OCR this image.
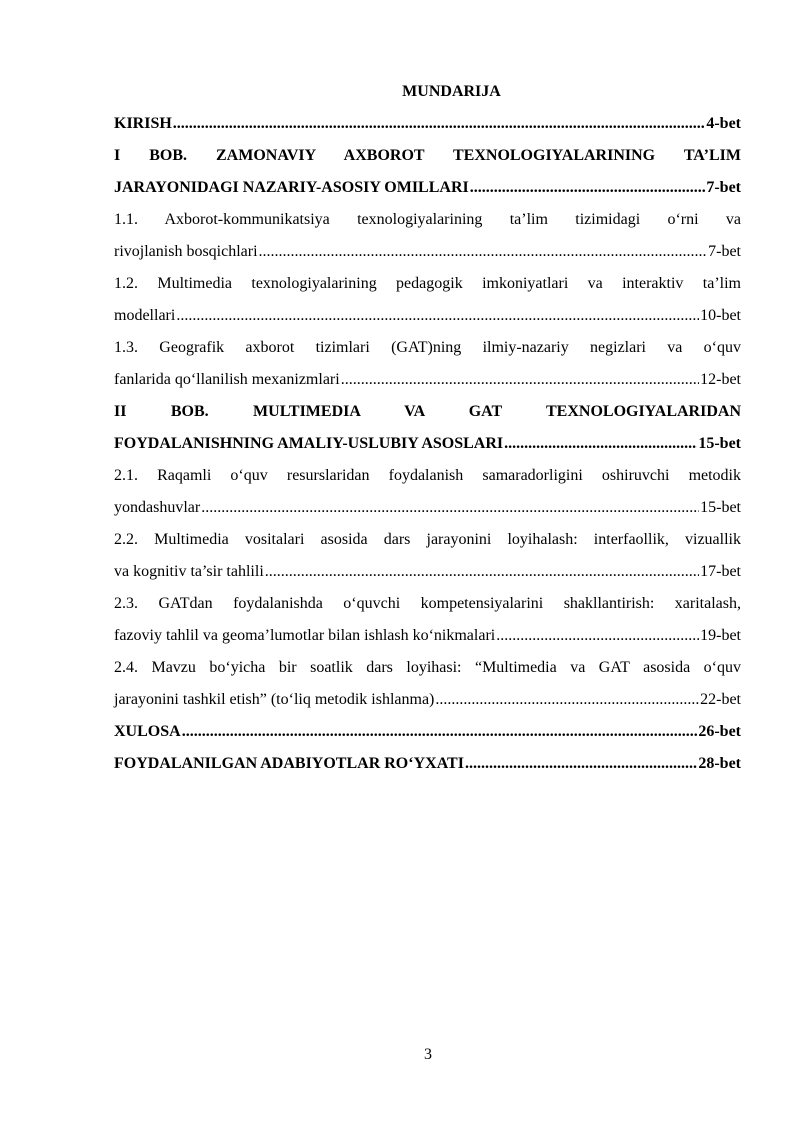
MUNDARIJA
KIRISH .....	4-bet
I BOB. ZAMONAVIY AXBOROT TEXNOLOGIYALARINING TA’LIM
JARAYONIDAGI NAZARIY-ASOSIY OMILLARI .....	7-bet
1.1. Axborot-kommunikatsiya texnologiyalarining ta’lim tizimidagi o‘rni va
rivojlanish bosqichlari .....	7-bet
1.2. Multimedia texnologiyalarining pedagogik imkoniyatlari va interaktiv ta’lim
modellari .....	10-bet
1.3. Geografik axborot tizimlari (GAT)ning ilmiy-nazariy negizlari va o‘quv
fanlarida qo‘llanilish mexanizmlari .....	12-bet
II BOB. MULTIMEDIA VA GAT TEXNOLOGIYALARIDAN
FOYDALANISHNING AMALIY-USLUBIY ASOSLARI .....	15-bet
2.1. Raqamli o‘quv resurslaridan foydalanish samaradorligini oshiruvchi metodik
yondashuvlar .....	15-bet
2.2. Multimedia vositalari asosida dars jarayonini loyihalash: interfaollik, vizuallik
va kognitiv ta’sir tahlili .....	17-bet
2.3. GATdan foydalanishda o‘quvchi kompetensiyalarini shakllantirish: xaritalash,
fazoviy tahlil va geoma’lumotlar bilan ishlash ko‘nikmalari .....	19-bet
2.4. Mavzu bo‘yicha bir soatlik dars loyihasi: “Multimedia va GAT asosida o‘quv
jarayonini tashkil etish” (to‘liq metodik ishlanma) .....	22-bet
XULOSA .....	26-bet
FOYDALANILGAN ADABIYOTLAR RO‘YXATI .....	28-bet
3
